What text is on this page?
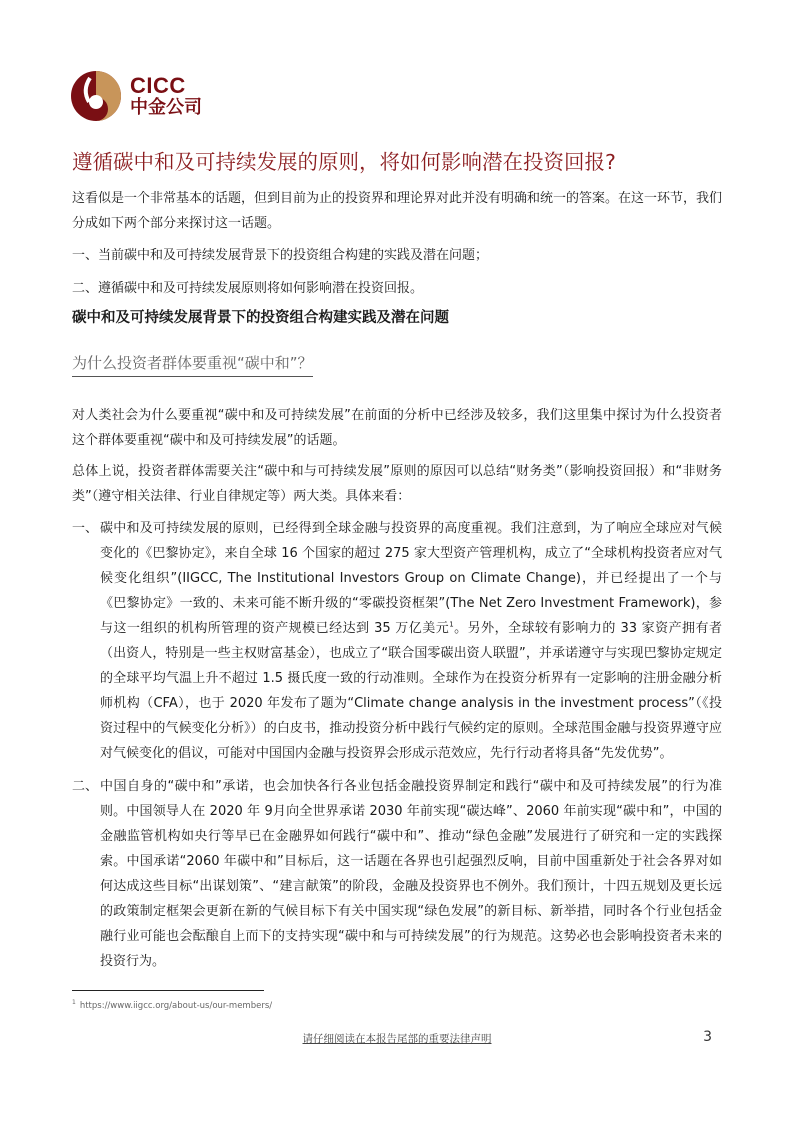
CICC
中金公司
遵循碳中和及可持续发展的原则，将如何影响潜在投资回报?

这看似是一个非常基本的话题，但到目前为止的投资界和理论界对此并没有明确和统一的答案。在这一环节，我们分成如下两个部分来探讨这一话题。

一、当前碳中和及可持续发展背景下的投资组合构建的实践及潜在问题；

二、遵循碳中和及可持续发展原则将如何影响潜在投资回报。

碳中和及可持续发展背景下的投资组合构建实践及潜在问题
为什么投资者群体要重视“碳中和”？

对人类社会为什么要重视“碳中和及可持续发展”在前面的分析中已经涉及较多，我们这里集中探讨为什么投资者这个群体要重视“碳中和及可持续发展”的话题。

总体上说，投资者群体需要关注“碳中和与可持续发展”原则的原因可以总结“财务类”（影响投资回报）和“非财务类”（遵守相关法律、行业自律规定等）两大类。具体来看：

一、 碳中和及可持续发展的原则，已经得到全球金融与投资界的高度重视。我们注意到，为了响应全球应对气候变化的《巴黎协定》，来自全球 16 个国家的超过 275 家大型资产管理机构，成立了“全球机构投资者应对气候变化组织”(IIGCC, The Institutional Investors Group on Climate Change)，并已经提出了一个与《巴黎协定》一致的、未来可能不断升级的“零碳投资框架”(The Net Zero Investment Framework)，参与这一组织的机构所管理的资产规模已经达到 35 万亿美元$^1$。另外，全球较有影响力的 33 家资产拥有者（出资人，特别是一些主权财富基金），也成立了“联合国零碳出资人联盟”，并承诺遵守与实现巴黎协定规定的全球平均气温上升不超过 1.5 摄氏度一致的行动准则。全球作为在投资分析界有一定影响的注册金融分析师机构（CFA），也于 2020 年发布了题为“Climate change analysis in the investment process”（《投资过程中的气候变化分析》）的白皮书，推动投资分析中践行气候约定的原则。全球范围金融与投资界遵守应对气候变化的倡议，可能对中国国内金融与投资界会形成示范效应，先行行动者将具备“先发优势”。

二、 中国自身的“碳中和”承诺，也会加快各行各业包括金融投资界制定和践行“碳中和及可持续发展”的行为准则。中国领导人在 2020 年 9月向全世界承诺 2030 年前实现“碳达峰”、2060 年前实现“碳中和”，中国的金融监管机构如央行等早已在金融界如何践行“碳中和”、推动“绿色金融”发展进行了研究和一定的实践探索。中国承诺“2060 年碳中和”目标后，这一话题在各界也引起强烈反响，目前中国重新处于社会各界对如何达成这些目标“出谋划策”、“建言献策”的阶段，金融及投资界也不例外。我们预计，十四五规划及更长远的政策制定框架会更新在新的气候目标下有关中国实现“绿色发展”的新目标、新举措，同时各个行业包括金融行业可能也会酝酿自上而下的支持实现“碳中和与可持续发展”的行为规范。这势必也会影响投资者未来的投资行为。

$^1$ https://www.iigcc.org/about-us/our-members/
请仔细阅读在本报告尾部的重要法律声明	3
